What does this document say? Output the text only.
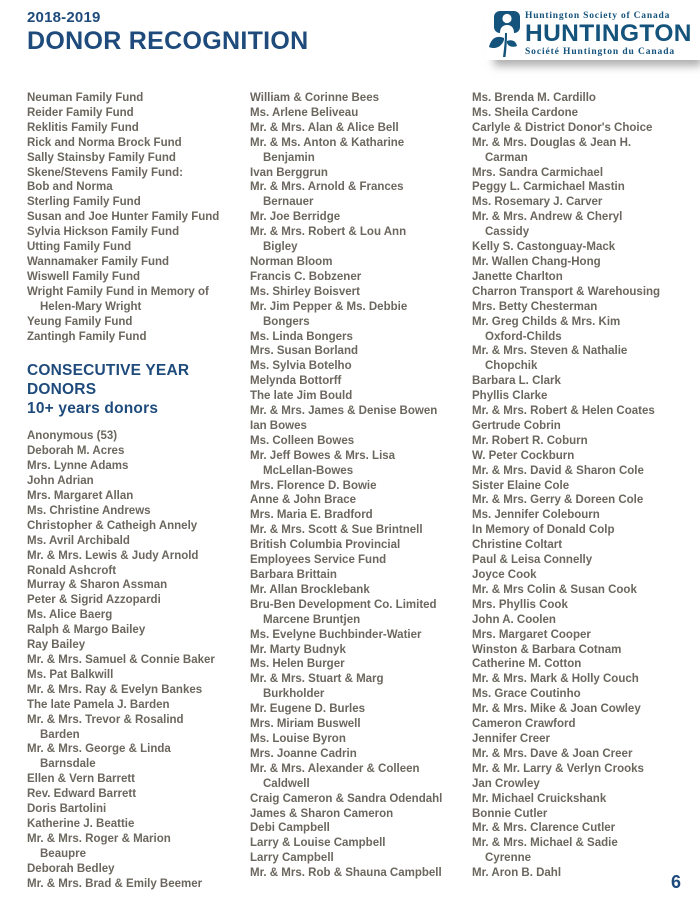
2018-2019
DONOR RECOGNITION
Huntington Society of Canada
HUNTINGTON
Société Huntington du Canada
Neuman Family Fund
Reider Family Fund
Reklitis Family Fund
Rick and Norma Brock Fund
Sally Stainsby Family Fund
Skene/Stevens Family Fund:
Bob and Norma
Sterling Family Fund
Susan and Joe Hunter Family Fund
Sylvia Hickson Family Fund
Utting Family Fund
Wannamaker Family Fund
Wiswell Family Fund
Wright Family Fund in Memory of
Helen-Mary Wright
Yeung Family Fund
Zantingh Family Fund
CONSECUTIVE YEAR
DONORS
10+ years donors
Anonymous (53)
Deborah M. Acres
Mrs. Lynne Adams
John Adrian
Mrs. Margaret Allan
Ms. Christine Andrews
Christopher & Catheigh Annely
Ms. Avril Archibald
Mr. & Mrs. Lewis & Judy Arnold
Ronald Ashcroft
Murray & Sharon Assman
Peter & Sigrid Azzopardi
Ms. Alice Baerg
Ralph & Margo Bailey
Ray Bailey
Mr. & Mrs. Samuel & Connie Baker
Ms. Pat Balkwill
Mr. & Mrs. Ray & Evelyn Bankes
The late Pamela J. Barden
Mr. & Mrs. Trevor & Rosalind
Barden
Mr. & Mrs. George & Linda
Barnsdale
Ellen & Vern Barrett
Rev. Edward Barrett
Doris Bartolini
Katherine J. Beattie
Mr. & Mrs. Roger & Marion
Beaupre
Deborah Bedley
Mr. & Mrs. Brad & Emily Beemer
William & Corinne Bees
Ms. Arlene Beliveau
Mr. & Mrs. Alan & Alice Bell
Mr. & Ms. Anton & Katharine
Benjamin
Ivan Berggrun
Mr. & Mrs. Arnold & Frances
Bernauer
Mr. Joe Berridge
Mr. & Mrs. Robert & Lou Ann
Bigley
Norman Bloom
Francis C. Bobzener
Ms. Shirley Boisvert
Mr. Jim Pepper & Ms. Debbie
Bongers
Ms. Linda Bongers
Mrs. Susan Borland
Ms. Sylvia Botelho
Melynda Bottorff
The late Jim Bould
Mr. & Mrs. James & Denise Bowen
Ian Bowes
Ms. Colleen Bowes
Mr. Jeff Bowes & Mrs. Lisa
McLellan-Bowes
Mrs. Florence D. Bowie
Anne & John Brace
Mrs. Maria E. Bradford
Mr. & Mrs. Scott & Sue Brintnell
British Columbia Provincial
Employees Service Fund
Barbara Brittain
Mr. Allan Brocklebank
Bru-Ben Development Co. Limited
Marcene Bruntjen
Ms. Evelyne Buchbinder-Watier
Mr. Marty Budnyk
Ms. Helen Burger
Mr. & Mrs. Stuart & Marg
Burkholder
Mr. Eugene D. Burles
Mrs. Miriam Buswell
Ms. Louise Byron
Mrs. Joanne Cadrin
Mr. & Mrs. Alexander & Colleen
Caldwell
Craig Cameron & Sandra Odendahl
James & Sharon Cameron
Debi Campbell
Larry & Louise Campbell
Larry Campbell
Mr. & Mrs. Rob & Shauna Campbell
Ms. Brenda M. Cardillo
Ms. Sheila Cardone
Carlyle & District Donor's Choice
Mr. & Mrs. Douglas & Jean H.
Carman
Mrs. Sandra Carmichael
Peggy L. Carmichael Mastin
Ms. Rosemary J. Carver
Mr. & Mrs. Andrew & Cheryl
Cassidy
Kelly S. Castonguay-Mack
Mr. Wallen Chang-Hong
Janette Charlton
Charron Transport & Warehousing
Mrs. Betty Chesterman
Mr. Greg Childs & Mrs. Kim
Oxford-Childs
Mr. & Mrs. Steven & Nathalie
Chopchik
Barbara L. Clark
Phyllis Clarke
Mr. & Mrs. Robert & Helen Coates
Gertrude Cobrin
Mr. Robert R. Coburn
W. Peter Cockburn
Mr. & Mrs. David & Sharon Cole
Sister Elaine Cole
Mr. & Mrs. Gerry & Doreen Cole
Ms. Jennifer Colebourn
In Memory of Donald Colp
Christine Coltart
Paul & Leisa Connelly
Joyce Cook
Mr. & Mrs Colin & Susan Cook
Mrs. Phyllis Cook
John A. Coolen
Mrs. Margaret Cooper
Winston & Barbara Cotnam
Catherine M. Cotton
Mr. & Mrs. Mark & Holly Couch
Ms. Grace Coutinho
Mr. & Mrs. Mike & Joan Cowley
Cameron Crawford
Jennifer Creer
Mr. & Mrs. Dave & Joan Creer
Mr. & Mr. Larry & Verlyn Crooks
Jan Crowley
Mr. Michael Cruickshank
Bonnie Cutler
Mr. & Mrs. Clarence Cutler
Mr. & Mrs. Michael & Sadie
Cyrenne
Mr. Aron B. Dahl	6
